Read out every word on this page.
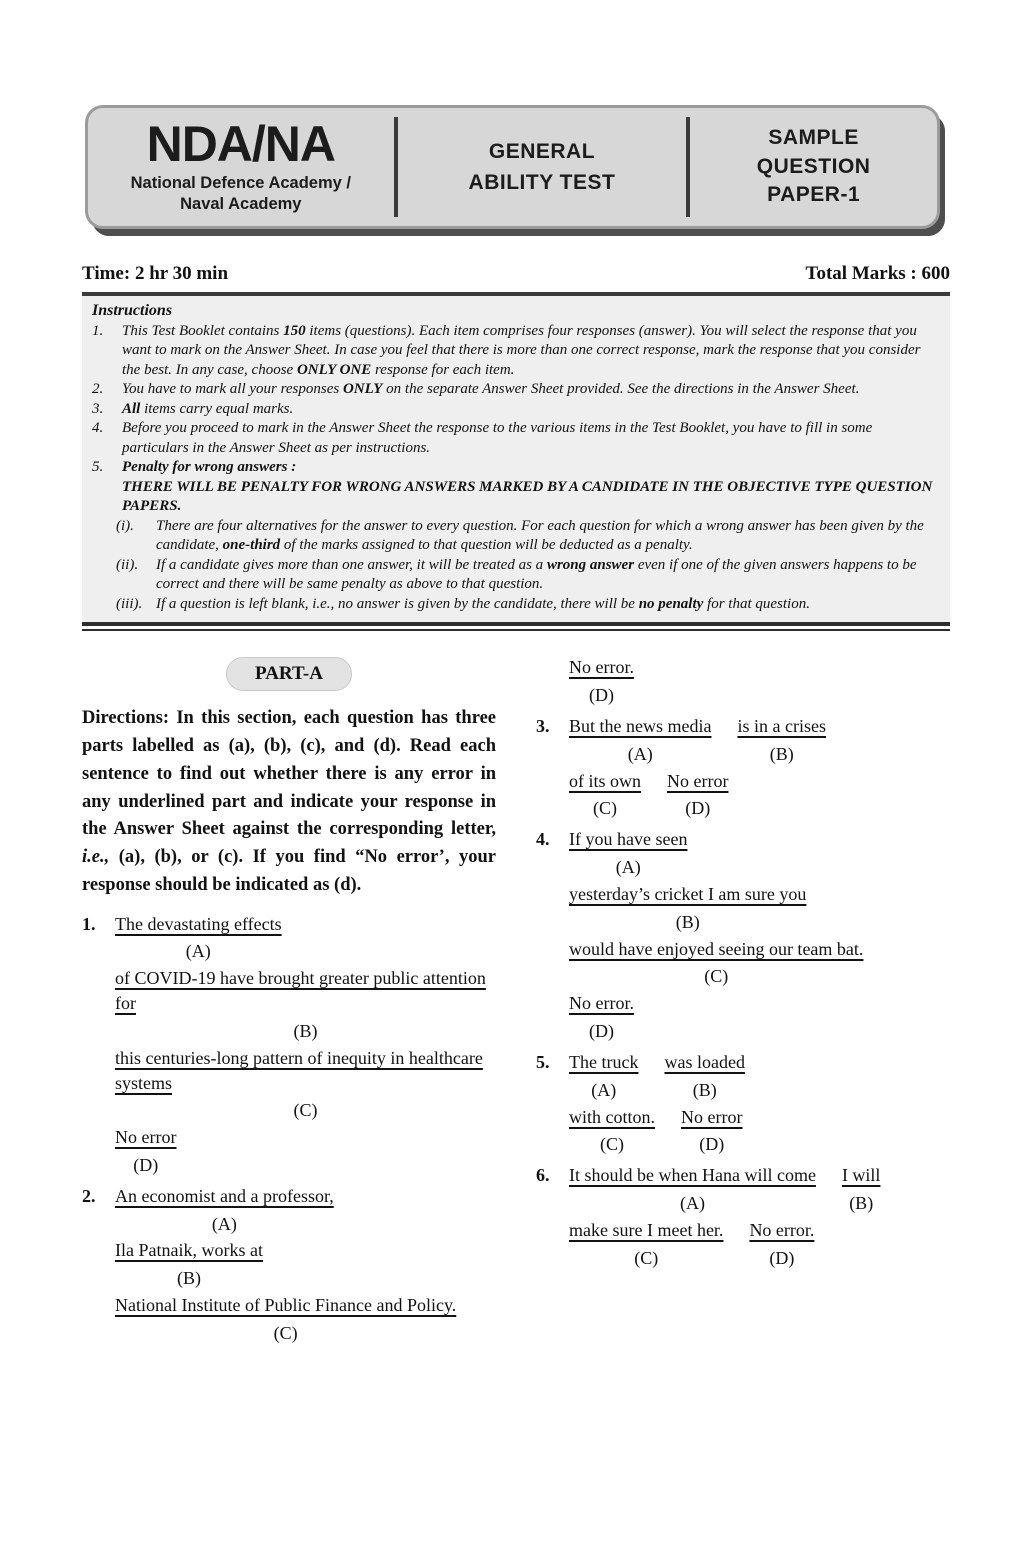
NDA/NA
National Defence Academy /
Naval Academy
GENERAL
ABILITY TEST
SAMPLE
QUESTION
PAPER-1
Time: 2 hr 30 min	Total Marks : 600
Instructions
1.	This Test Booklet contains 150 items (questions). Each item comprises four responses (answer). You will select the response that you want to mark on the Answer Sheet. In case you feel that there is more than one correct response, mark the response that you consider the best. In any case, choose ONLY ONE response for each item.
2.	You have to mark all your responses ONLY on the separate Answer Sheet provided. See the directions in the Answer Sheet.
3.	All items carry equal marks.
4.	Before you proceed to mark in the Answer Sheet the response to the various items in the Test Booklet, you have to fill in some particulars in the Answer Sheet as per instructions.
5.	Penalty for wrong answers :
THERE WILL BE PENALTY FOR WRONG ANSWERS MARKED BY A CANDIDATE IN THE OBJECTIVE TYPE QUESTION PAPERS.
(i).	There are four alternatives for the answer to every question. For each question for which a wrong answer has been given by the candidate, one-third of the marks assigned to that question will be deducted as a penalty.
(ii).	If a candidate gives more than one answer, it will be treated as a wrong answer even if one of the given answers happens to be correct and there will be same penalty as above to that question.
(iii). If a question is left blank, i.e., no answer is given by the candidate, there will be no penalty for that question.
PART-A
Directions: In this section, each question has three parts labelled as (a), (b), (c), and (d). Read each sentence to find out whether there is any error in any underlined part and indicate your response in the Answer Sheet against the corresponding letter, i.e., (a), (b), or (c). If you find “No error’, your response should be indicated as (d).
1.	The devastating effects
(A)
of COVID-19 have brought greater public attention for
(B)
this centuries-long pattern of inequity in healthcare systems
(C)
No error
(D)
2.	An economist and a professor,
(A)
Ila Patnaik, works at
(B)
National Institute of Public Finance and Policy.
(C)
No error.
(D)
3.	But the news media
(A)
is in a crises
(B)
of its own
(C)
No error
(D)
4.	If you have seen
(A)
yesterday’s cricket I am sure you
(B)
would have enjoyed seeing our team bat.
(C)
No error.
(D)
5.	The truck
(A)
was loaded
(B)
with cotton.
(C)
No error
(D)
6.	It should be when Hana will come
(A)
I will
(B)
make sure I meet her.
(C)
No error.
(D)
